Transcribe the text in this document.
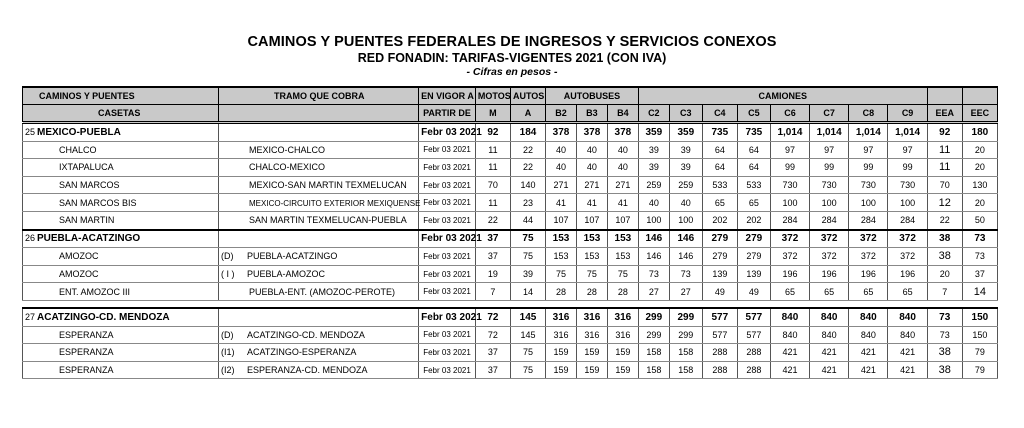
CAMINOS Y PUENTES FEDERALES DE INGRESOS Y SERVICIOS CONEXOS
RED FONADIN: TARIFAS-VIGENTES 2021 (CON IVA)
- Cifras en pesos -
CAMINOS Y PUENTES	TRAMO QUE COBRA	EN VIGOR A	MOTOS	AUTOS	AUTOBUSES			CAMIONES									
CASETAS		PARTIR DE	M	A	B2	B3	B4	C2	C3	C4	C5	C6	C7	C8	C9	EEA	EEC
25 MEXICO-PUEBLA		Febr 03 2021	92	184	378	378	378	359	359	735	735	1,014	1,014	1,014	1,014	92	180
CHALCO	MEXICO-CHALCO	Febr 03 2021	11	22	40	40	40	39	39	64	64	97	97	97	97	11	20
IXTAPALUCA	CHALCO-MEXICO	Febr 03 2021	11	22	40	40	40	39	39	64	64	99	99	99	99	11	20
SAN MARCOS	MEXICO-SAN MARTIN TEXMELUCAN	Febr 03 2021	70	140	271	271	271	259	259	533	533	730	730	730	730	70	130
SAN MARCOS BIS	MEXICO-CIRCUITO EXTERIOR MEXIQUENSE	Febr 03 2021	11	23	41	41	41	40	40	65	65	100	100	100	100	12	20
SAN MARTIN	SAN MARTIN TEXMELUCAN-PUEBLA	Febr 03 2021	22	44	107	107	107	100	100	202	202	284	284	284	284	22	50
26 PUEBLA-ACATZINGO		Febr 03 2021	37	75	153	153	153	146	146	279	279	372	372	372	372	38	73
AMOZOC	(D) PUEBLA-ACATZINGO	Febr 03 2021	37	75	153	153	153	146	146	279	279	372	372	372	372	38	73
AMOZOC	( I ) PUEBLA-AMOZOC	Febr 03 2021	19	39	75	75	75	73	73	139	139	196	196	196	196	20	37
ENT. AMOZOC III	PUEBLA-ENT. (AMOZOC-PEROTE)	Febr 03 2021	7	14	28	28	28	27	27	49	49	65	65	65	65	7	14

27 ACATZINGO-CD. MENDOZA		Febr 03 2021	72	145	316	316	316	299	299	577	577	840	840	840	840	73	150
ESPERANZA	(D) ACATZINGO-CD. MENDOZA	Febr 03 2021	72	145	316	316	316	299	299	577	577	840	840	840	840	73	150
ESPERANZA	(I1) ACATZINGO-ESPERANZA	Febr 03 2021	37	75	159	159	159	158	158	288	288	421	421	421	421	38	79
ESPERANZA	(I2) ESPERANZA-CD. MENDOZA	Febr 03 2021	37	75	159	159	159	158	158	288	288	421	421	421	421	38	79
